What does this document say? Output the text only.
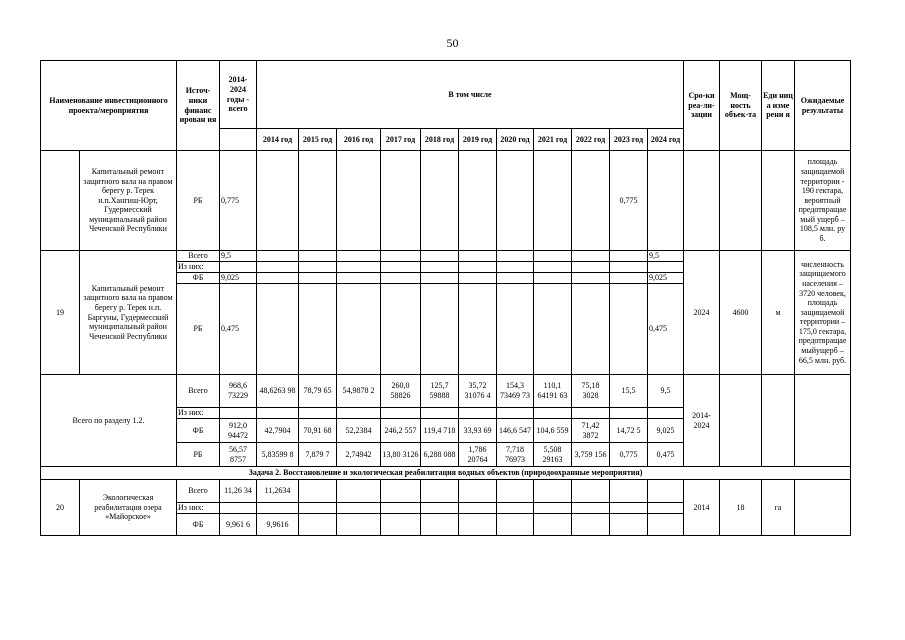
50
Наименование инвестиционного проекта/мероприятия		Источ-ники финанс ирован ия	2014-2024 годы - всего	В том числе											Сро-ки реа-ли-зации	Мощ-ность объек-та	Еди ниц а изме рени я	Ожидаемые результаты
				2014 год	2015 год	2016 год	2017 год	2018 год	2019 год	2020 год	2021 год	2022 год	2023 год	2024 год				
	Капитальный ремонт защитного вала на правом берегу р. Терек н.п.Хангиш-Юрт, Гудермесский муниципальный район Чеченской Республики	РБ	0,775										0,775					площадь защищаемой территории - 190 гектара, вероятный предотвращае мый ущерб – 108,5 млн. ру б.
19	Капитальный ремонт защитного вала на правом берегу р. Терек н.п. Баргуны, Гудермесский муниципальный район Чеченской Республики	Всего	9,5											9,5	2024	4600	м	численность защищаемого населения – 3720 человек, площадь защищаемой территории – 175,0 гектара, предотвращае мыйущерб – 66,5 млн. руб.
		Из них:																
		ФБ	9,025											9,025				
		РБ	0,475											0,475				
Всего по разделу 1.2.		Всего	968,6 73229	48,6263 98	78,79 65	54,9878 2	260,0 58826	125,7 59888	35,72 31076 4	154,3 73469 73	110,1 64191 63	75,18 3028	15,5	9,5	2014-2024			
		Из них:																
		ФБ	912,0 94472	42,7904	70,91 68	52,2384	246,2 557	119,4 718	33,93 69	146,6 547	104,6 559	71,42 3872	14,72 5	9,025				
		РБ	56,57 8757	5,83599 8	7,879 7	2,74942	13,80 3126	6,288 088	1,786 20764	7,718 76973	5,508 29163	3,759 156	0,775	0,475				
Задача 2. Восстановление и экологическая реабилитация водных объектов (природоохранные мероприятия)																		
20	Экологическая реабилитация озера «Майорское»	Всего	11,26 34	11,2634											2014	18	га	
		Из них:																
		ФБ	9,961 6	9,9616														
